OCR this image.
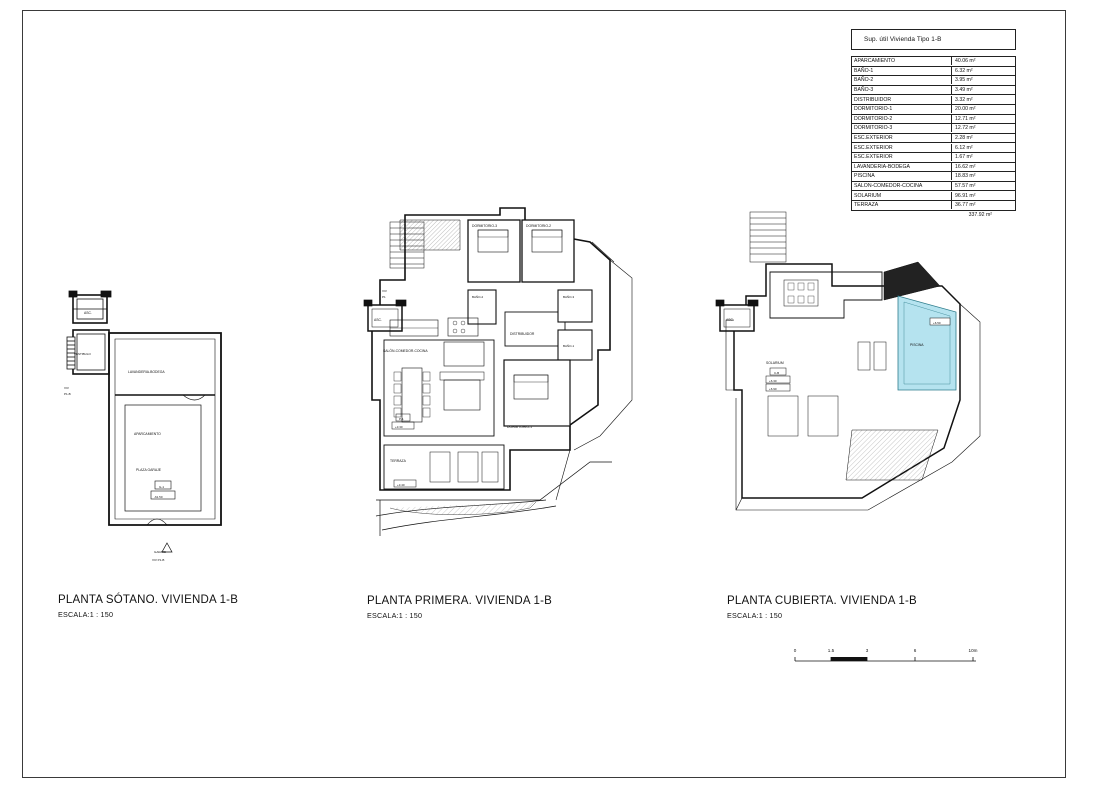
Sup. útil Vivienda Tipo 1-B
APARCAMIENTO	40.06 m²
BAÑO-1	6.32 m²
BAÑO-2	3.95 m²
BAÑO-3	3.49 m²
DISTRIBUIDOR	3.32 m²
DORMITORIO-1	20.00 m²
DORMITORIO-2	12.71 m²
DORMITORIO-3	12.72 m²
ESC.EXTERIOR	2.28 m²
ESC.EXTERIOR	6.12 m²
ESC.EXTERIOR	1.67 m²
LAVANDERIA-BODEGA	16.62 m²
PISCINA	18.83 m²
SALON-COMEDOR-COCINA	57.57 m²
SOLARIUM	96.91 m²
TERRAZA	36.77 m²
337.92 m²
ASC.
VESTIBULO
LAVANDERIA-BODEGA
VIV
P1-B
APARCAMIENTO
PLAZA GARAJE
G-1
-61.50
GARAJE
VIV P1-B
PLANTA SÓTANO. VIVIENDA 1-B
ESCALA:1 : 150
DORMITORIO-3	DORMITORIO-2
BAÑO-2	BAÑO-3
BAÑO-1
DISTRIBUIDOR
SALÓN-COMEDOR-COCINA
DORMITORIO-1
TERRAZA
ASC.
VIV
P1
P-1
+3.30
+3.40
PLANTA PRIMERA. VIVIENDA 1-B
ESCALA:1 : 150
ASC.
PISCINA
+6.50
SOLARIUM
C-B
+6.30
+6.90
PLANTA CUBIERTA. VIVIENDA 1-B
ESCALA:1 : 150
0	1.5	3	6	10m
